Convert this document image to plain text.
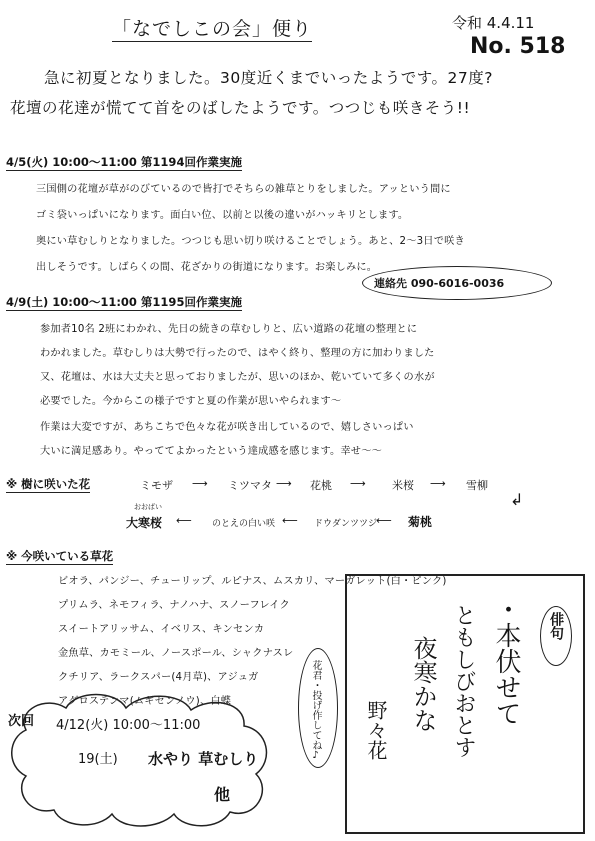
「なでしこの会」便り	令和 4.4.11
No. 518
急に初夏となりました。30度近くまでいったようです。27度?
花壇の花達が慌てて首をのばしたようです。つつじも咲きそう!!
4/5(火) 10:00～11:00 第1194回作業実施
三国側の花壇が草がのびているので皆打でそちらの雑草とりをしました。アッという間に
ゴミ袋いっぱいになります。面白い位、以前と以後の違いがハッキリとします。
奥にい草むしりとなりました。つつじも思い切り咲けることでしょう。あと、2～3日で咲き
出しそうです。しばらくの間、花ざかりの街道になります。お楽しみに。
連絡先 090-6016-0036
4/9(土) 10:00～11:00 第1195回作業実施
参加者10名 2班にわかれ、先日の続きの草むしりと、広い道路の花壇の整理とに
わかれました。草むしりは大勢で行ったので、はやく終り、整理の方に加わりました
又、花壇は、水は大丈夫と思っておりましたが、思いのほか、乾いていて多くの水が
必要でした。今からこの様子ですと夏の作業が思いやられます～
作業は大変ですが、あちこちで色々な花が咲き出しているので、嬉しさいっぱい
大いに満足感あり。やっててよかったという達成感を感じます。幸せ～～
※ 樹に咲いた花	ミモザ ⟶ ミツマタ ⟶ 花桃 ⟶ 米桜 ⟶ 雪柳
↲
おおばい
大寒桜 ⟵ のとえの白い咲 ⟵ ドウダンツツジ
⟵ 菊桃
※ 今咲いている草花
ビオラ、パンジー、チューリップ、ルピナス、ムスカリ、マーガレット(白・ピンク)
プリムラ、ネモフィラ、ナノハナ、スノーフレイク
スイートアリッサム、イベリス、キンセンカ
金魚草、カモミール、ノースポール、シャクナスレ
クチリア、ラークスパー(4月草)、アジュガ
アグロステンマ(ムギセンノウ)、白蝶	花君・投げ作してね♪
次回 4/12(火) 10:00～11:00
19(土) 水やり 草むしり
他
俳句
・本伏せて
ともしびおとす
夜寒かな
野々花
